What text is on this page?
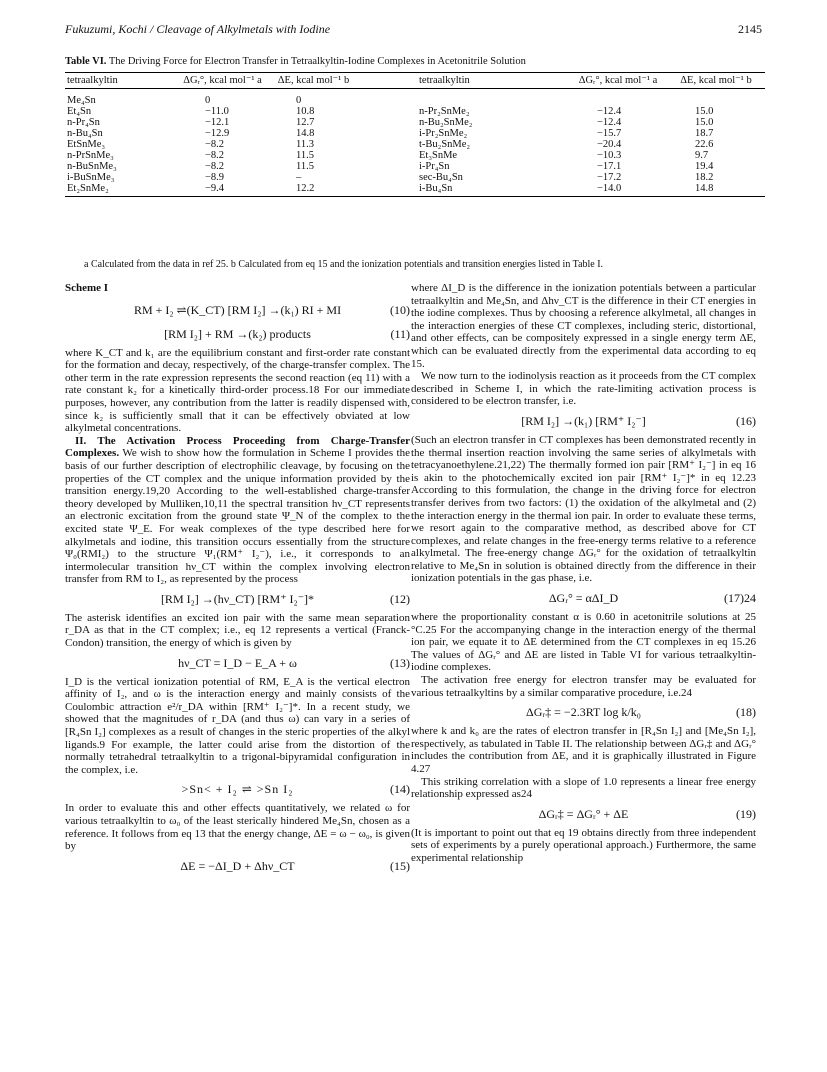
Fukuzumi, Kochi / Cleavage of Alkylmetals with Iodine	2145
Table VI. The Driving Force for Electron Transfer in Tetraalkyltin-Iodine Complexes in Acetonitrile Solution
tetraalkyltin	ΔGᵣ°, kcal mol⁻¹ a	ΔE, kcal mol⁻¹ b	tetraalkyltin	ΔGᵣ°, kcal mol⁻¹ a	ΔE, kcal mol⁻¹ b
Me₄Sn	0	0			
Et₄Sn	−11.0	10.8	n-Pr₂SnMe₂	−12.4	15.0
n-Pr₄Sn	−12.1	12.7	n-Bu₂SnMe₂	−12.4	15.0
n-Bu₄Sn	−12.9	14.8	i-Pr₂SnMe₂	−15.7	18.7
EtSnMe₃	−8.2	11.3	t-Bu₂SnMe₂	−20.4	22.6
n-PrSnMe₃	−8.2	11.5	Et₃SnMe	−10.3	9.7
n-BuSnMe₃	−8.2	11.5	i-Pr₄Sn	−17.1	19.4
i-BuSnMe₃	−8.9	–	sec-Bu₄Sn	−17.2	18.2
Et₂SnMe₂	−9.4	12.2	i-Bu₄Sn	−14.0	14.8
a Calculated from the data in ref 25. b Calculated from eq 15 and the ionization potentials and transition energies listed in Table I.
Scheme I
RM + I₂ ⇌(K_CT) [RM I₂] →(k₁) RI + MI	(10)
[RM I₂] + RM →(k₂) products	(11)

where K_CT and k₁ are the equilibrium constant and first-order rate constant for the formation and decay, respectively, of the charge-transfer complex. The other term in the rate expression represents the second reaction (eq 11) with a rate constant k₂ for a kinetically third-order process.18 For our immediate purposes, however, any contribution from the latter is readily dispensed with, since k₂ is sufficiently small that it can be effectively obviated at low alkylmetal concentrations.

II. The Activation Process Proceeding from Charge-Transfer Complexes. We wish to show how the formulation in Scheme I provides the basis of our further description of electrophilic cleavage, by focusing on the properties of the CT complex and the unique information provided by the transition energy.19,20 According to the well-established charge-transfer theory developed by Mulliken,10,11 the spectral transition hν_CT represents an electronic excitation from the ground state Ψ_N of the complex to the excited state Ψ_E. For weak complexes of the type described here for alkylmetals and iodine, this transition occurs essentially from the structure Ψ₀(RMI₂) to the structure Ψ₁(RM⁺ I₂⁻), i.e., it corresponds to an intermolecular transition hν_CT within the complex involving electron transfer from RM to I₂, as represented by the process

[RM I₂] →(hν_CT) [RM⁺ I₂⁻]*	(12)

The asterisk identifies an excited ion pair with the same mean separation r_DA as that in the CT complex; i.e., eq 12 represents a vertical (Franck-Condon) transition, the energy of which is given by

hν_CT = I_D − E_A + ω	(13)

I_D is the vertical ionization potential of RM, E_A is the vertical electron affinity of I₂, and ω is the interaction energy and mainly consists of the Coulombic attraction e²/r_DA within [RM⁺ I₂⁻]*. In a recent study, we showed that the magnitudes of r_DA (and thus ω) can vary in a series of [R₄Sn I₂] complexes as a result of changes in the steric properties of the alkyl ligands.9 For example, the latter could arise from the distortion of the normally tetrahedral tetraalkyltin to a trigonal-bipyramidal configuration in the complex, i.e.

>Sn< + I₂ ⇌ >Sn I₂	(14)

In order to evaluate this and other effects quantitatively, we related ω for various tetraalkyltin to ω₀ of the least sterically hindered Me₄Sn, chosen as a reference. It follows from eq 13 that the energy change, ΔE = ω − ω₀, is given by

ΔE = −ΔI_D + Δhν_CT	(15)

where ΔI_D is the difference in the ionization potentials between a particular tetraalkyltin and Me₄Sn, and Δhν_CT is the difference in their CT energies in the iodine complexes. Thus by choosing a reference alkylmetal, all changes in the interaction energies of these CT complexes, including steric, distortional, and other effects, can be compositely expressed in a single energy term ΔE, which can be evaluated directly from the experimental data according to eq 15.

We now turn to the iodinolysis reaction as it proceeds from the CT complex described in Scheme I, in which the rate-limiting activation process is considered to be electron transfer, i.e.

[RM I₂] →(k₁) [RM⁺ I₂⁻]	(16)

(Such an electron transfer in CT complexes has been demonstrated recently in the thermal insertion reaction involving the same series of alkylmetals with tetracyanoethylene.21,22) The thermally formed ion pair [RM⁺ I₂⁻] in eq 16 is akin to the photochemically excited ion pair [RM⁺ I₂⁻]* in eq 12.23 According to this formulation, the change in the driving force for electron transfer derives from two factors: (1) the oxidation of the alkylmetal and (2) the interaction energy in the thermal ion pair. In order to evaluate these terms, we resort again to the comparative method, as described above for CT complexes, and relate changes in the free-energy terms relative to a reference alkylmetal. The free-energy change ΔGᵣ° for the oxidation of tetraalkyltin relative to Me₄Sn in solution is obtained directly from the difference in their ionization potentials in the gas phase, i.e.

ΔGᵣ° = αΔI_D	(17)24

where the proportionality constant α is 0.60 in acetonitrile solutions at 25 °C.25 For the accompanying change in the interaction energy of the thermal ion pair, we equate it to ΔE determined from the CT complexes in eq 15.26 The values of ΔGᵣ° and ΔE are listed in Table VI for various tetraalkyltin-iodine complexes.

The activation free energy for electron transfer may be evaluated for various tetraalkyltins by a similar comparative procedure, i.e.24

ΔGᵣ‡ = −2.3RT log k/k₀	(18)

where k and k₀ are the rates of electron transfer in [R₄Sn I₂] and [Me₄Sn I₂], respectively, as tabulated in Table II. The relationship between ΔGᵣ‡ and ΔGᵣ° includes the contribution from ΔE, and it is graphically illustrated in Figure 4.27

This striking correlation with a slope of 1.0 represents a linear free energy relationship expressed as24

ΔGᵣ‡ = ΔGᵣ° + ΔE	(19)

(It is important to point out that eq 19 obtains directly from three independent sets of experiments by a purely operational approach.) Furthermore, the same experimental relationship
